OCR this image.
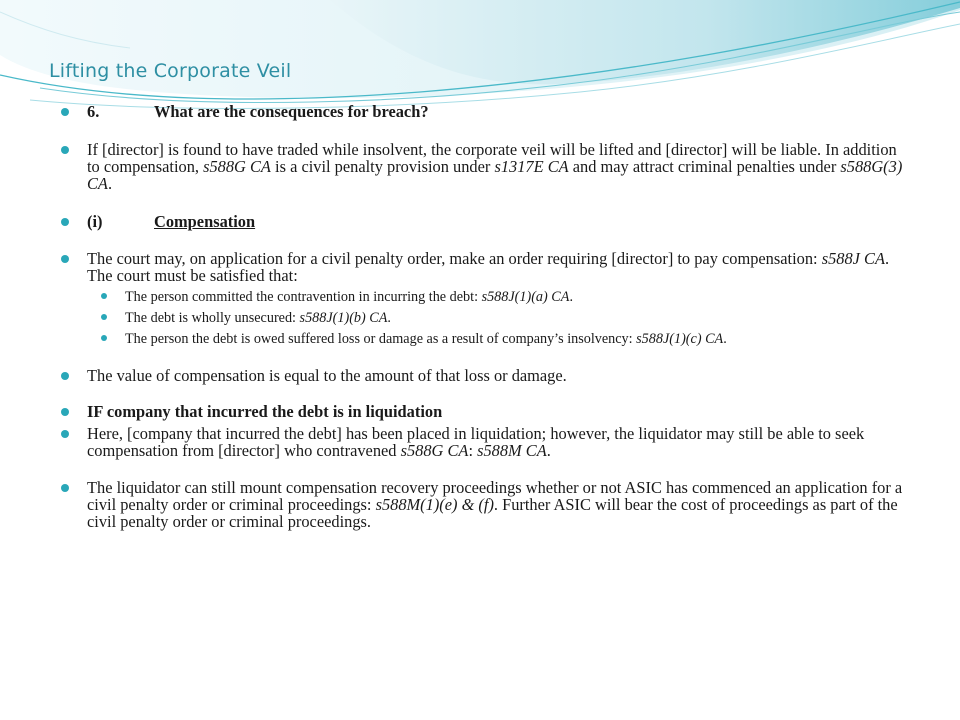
Lifting the Corporate Veil
6.	What are the consequences for breach?
If [director] is found to have traded while insolvent, the corporate veil will be lifted and [director] will be liable. In addition to compensation, s588G CA is a civil penalty provision under s1317E CA and may attract criminal penalties under s588G(3) CA.
(i)	Compensation
The court may, on application for a civil penalty order, make an order requiring [director] to pay compensation: s588J CA. The court must be satisfied that:
The person committed the contravention in incurring the debt: s588J(1)(a) CA.
The debt is wholly unsecured: s588J(1)(b) CA.
The person the debt is owed suffered loss or damage as a result of company’s insolvency: s588J(1)(c) CA.
The value of compensation is equal to the amount of that loss or damage.
IF company that incurred the debt is in liquidation
Here, [company that incurred the debt] has been placed in liquidation; however, the liquidator may still be able to seek compensation from [director] who contravened s588G CA: s588M CA.
The liquidator can still mount compensation recovery proceedings whether or not ASIC has commenced an application for a civil penalty order or criminal proceedings: s588M(1)(e) & (f). Further ASIC will bear the cost of proceedings as part of the civil penalty order or criminal proceedings.
